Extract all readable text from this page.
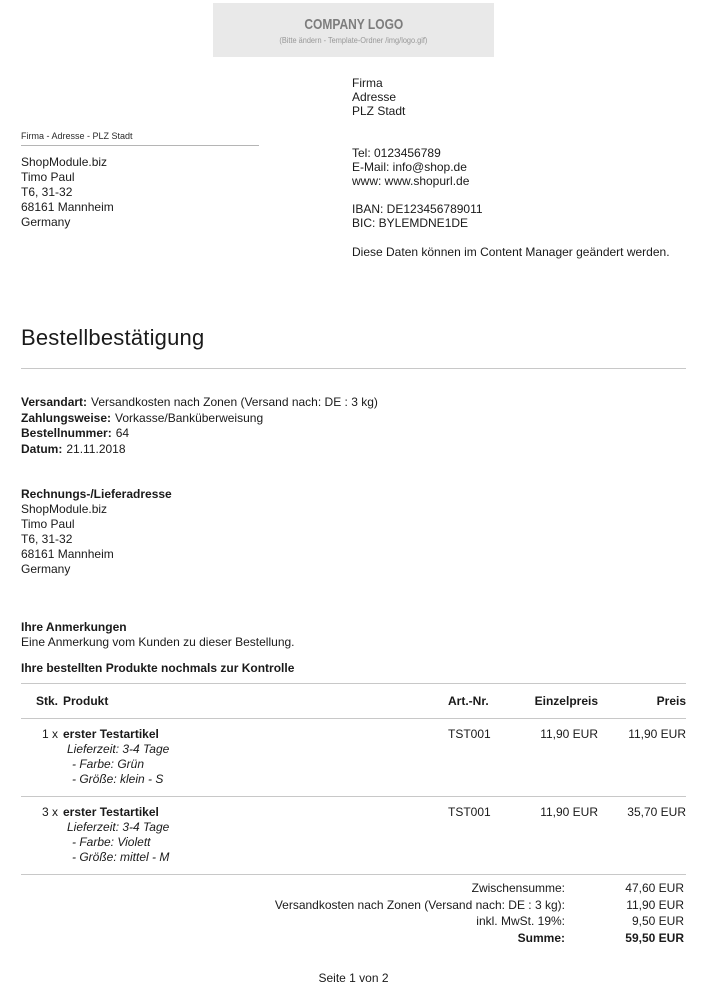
COMPANY LOGO
(Bitte ändern - Template-Ordner /img/logo.gif)
Firma
Adresse
PLZ Stadt
Firma - Adresse - PLZ Stadt
ShopModule.biz
Timo Paul
T6, 31-32
68161 Mannheim
Germany
Tel: 0123456789
E-Mail: info@shop.de
www: www.shopurl.de
IBAN: DE123456789011
BIC: BYLEMDNE1DE
Diese Daten können im Content Manager geändert werden.
Bestellbestätigung
Versandart: Versandkosten nach Zonen (Versand nach: DE : 3 kg)
Zahlungsweise: Vorkasse/Banküberweisung
Bestellnummer: 64
Datum: 21.11.2018
Rechnungs-/Lieferadresse
ShopModule.biz
Timo Paul
T6, 31-32
68161 Mannheim
Germany
Ihre Anmerkungen
Eine Anmerkung vom Kunden zu dieser Bestellung.
Ihre bestellten Produkte nochmals zur Kontrolle
Stk. Produkt	Art.-Nr.	Einzelpreis	Preis
1 x erster Testartikel
Lieferzeit: 3-4 Tage
- Farbe: Grün
- Größe: klein - S
TST001	11,90 EUR	11,90 EUR
3 x erster Testartikel
Lieferzeit: 3-4 Tage
- Farbe: Violett
- Größe: mittel - M
TST001	11,90 EUR	35,70 EUR
Zwischensumme:	47,60 EUR
Versandkosten nach Zonen (Versand nach: DE : 3 kg):	11,90 EUR
inkl. MwSt. 19%:	9,50 EUR
Summe:	59,50 EUR
Seite 1 von 2
